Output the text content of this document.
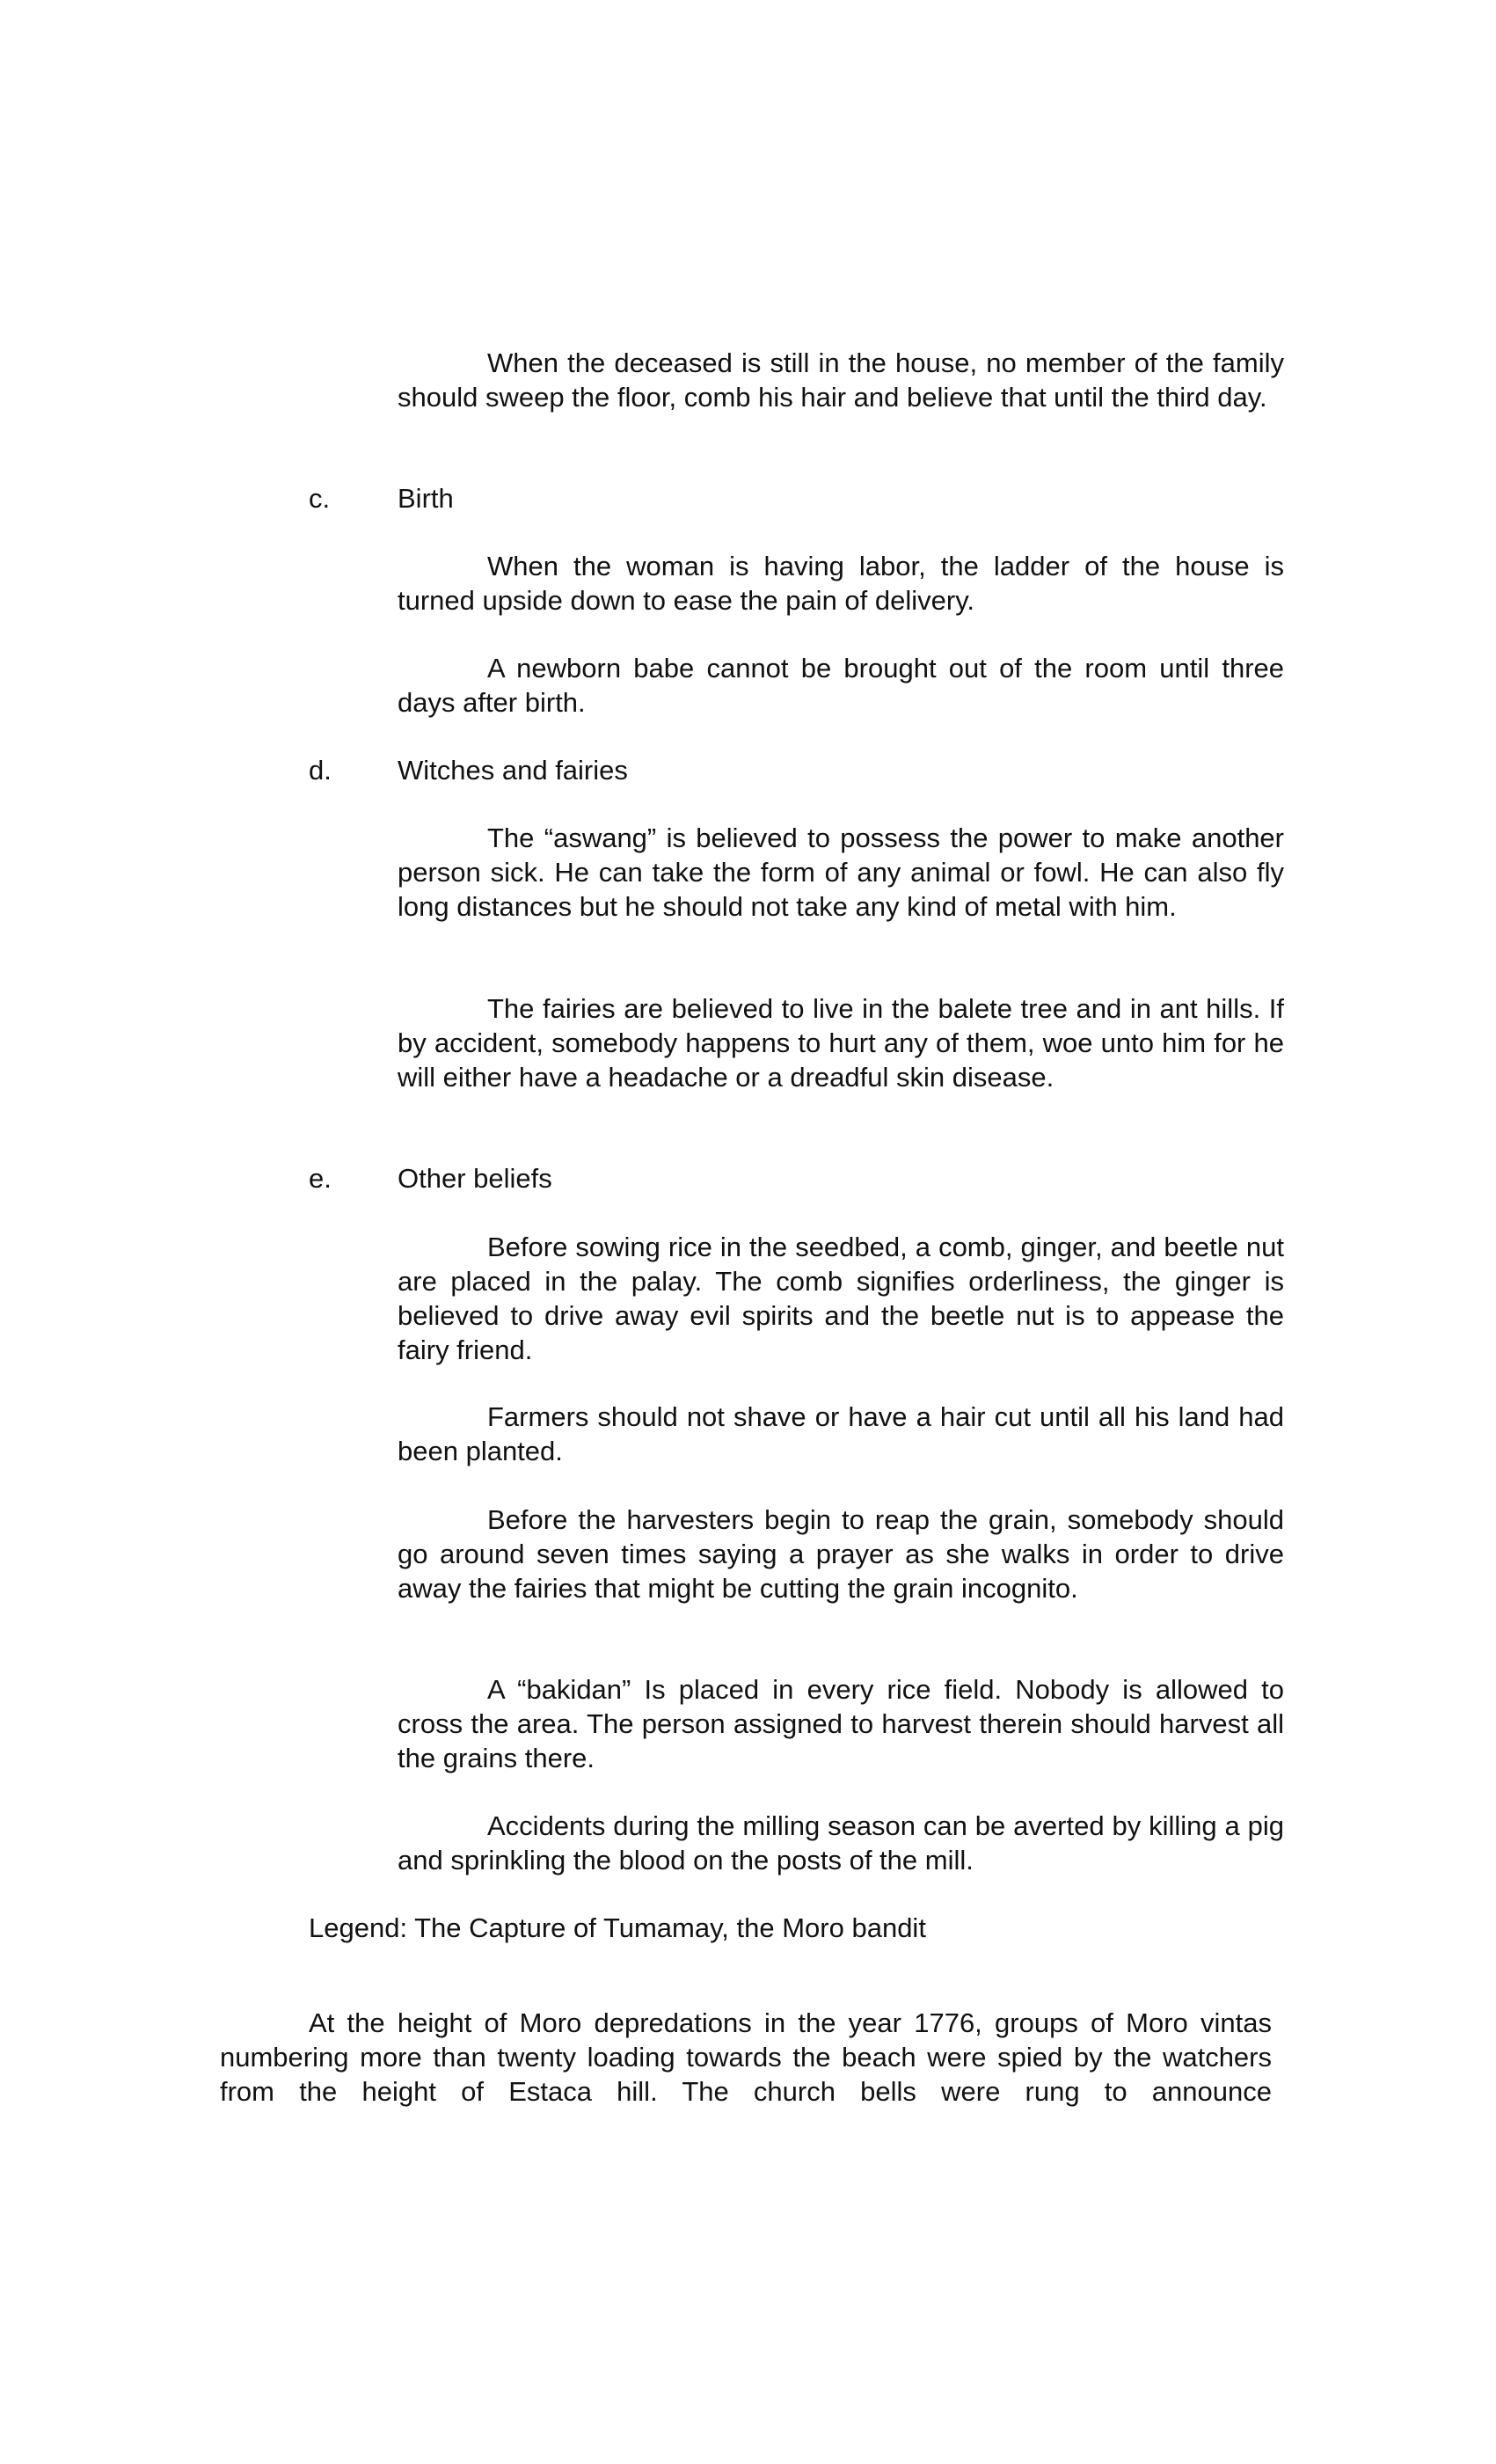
When the deceased is still in the house, no member of the family should sweep the floor, comb his hair and believe that until the third day.

c. Birth

When the woman is having labor, the ladder of the house is turned upside down to ease the pain of delivery.

A newborn babe cannot be brought out of the room until three days after birth.

d. Witches and fairies

The “aswang” is believed to possess the power to make another person sick. He can take the form of any animal or fowl. He can also fly long distances but he should not take any kind of metal with him.

The fairies are believed to live in the balete tree and in ant hills. If by accident, somebody happens to hurt any of them, woe unto him for he will either have a headache or a dreadful skin disease.

e. Other beliefs

Before sowing rice in the seedbed, a comb, ginger, and beetle nut are placed in the palay. The comb signifies orderliness, the ginger is believed to drive away evil spirits and the beetle nut is to appease the fairy friend.

Farmers should not shave or have a hair cut until all his land had been planted.

Before the harvesters begin to reap the grain, somebody should go around seven times saying a prayer as she walks in order to drive away the fairies that might be cutting the grain incognito.

A “bakidan” Is placed in every rice field. Nobody is allowed to cross the area. The person assigned to harvest therein should harvest all the grains there.

Accidents during the milling season can be averted by killing a pig and sprinkling the blood on the posts of the mill.

Legend: The Capture of Tumamay, the Moro bandit

At the height of Moro depredations in the year 1776, groups of Moro vintas numbering more than twenty loading towards the beach were spied by the watchers from the height of Estaca hill. The church bells were rung to announce
